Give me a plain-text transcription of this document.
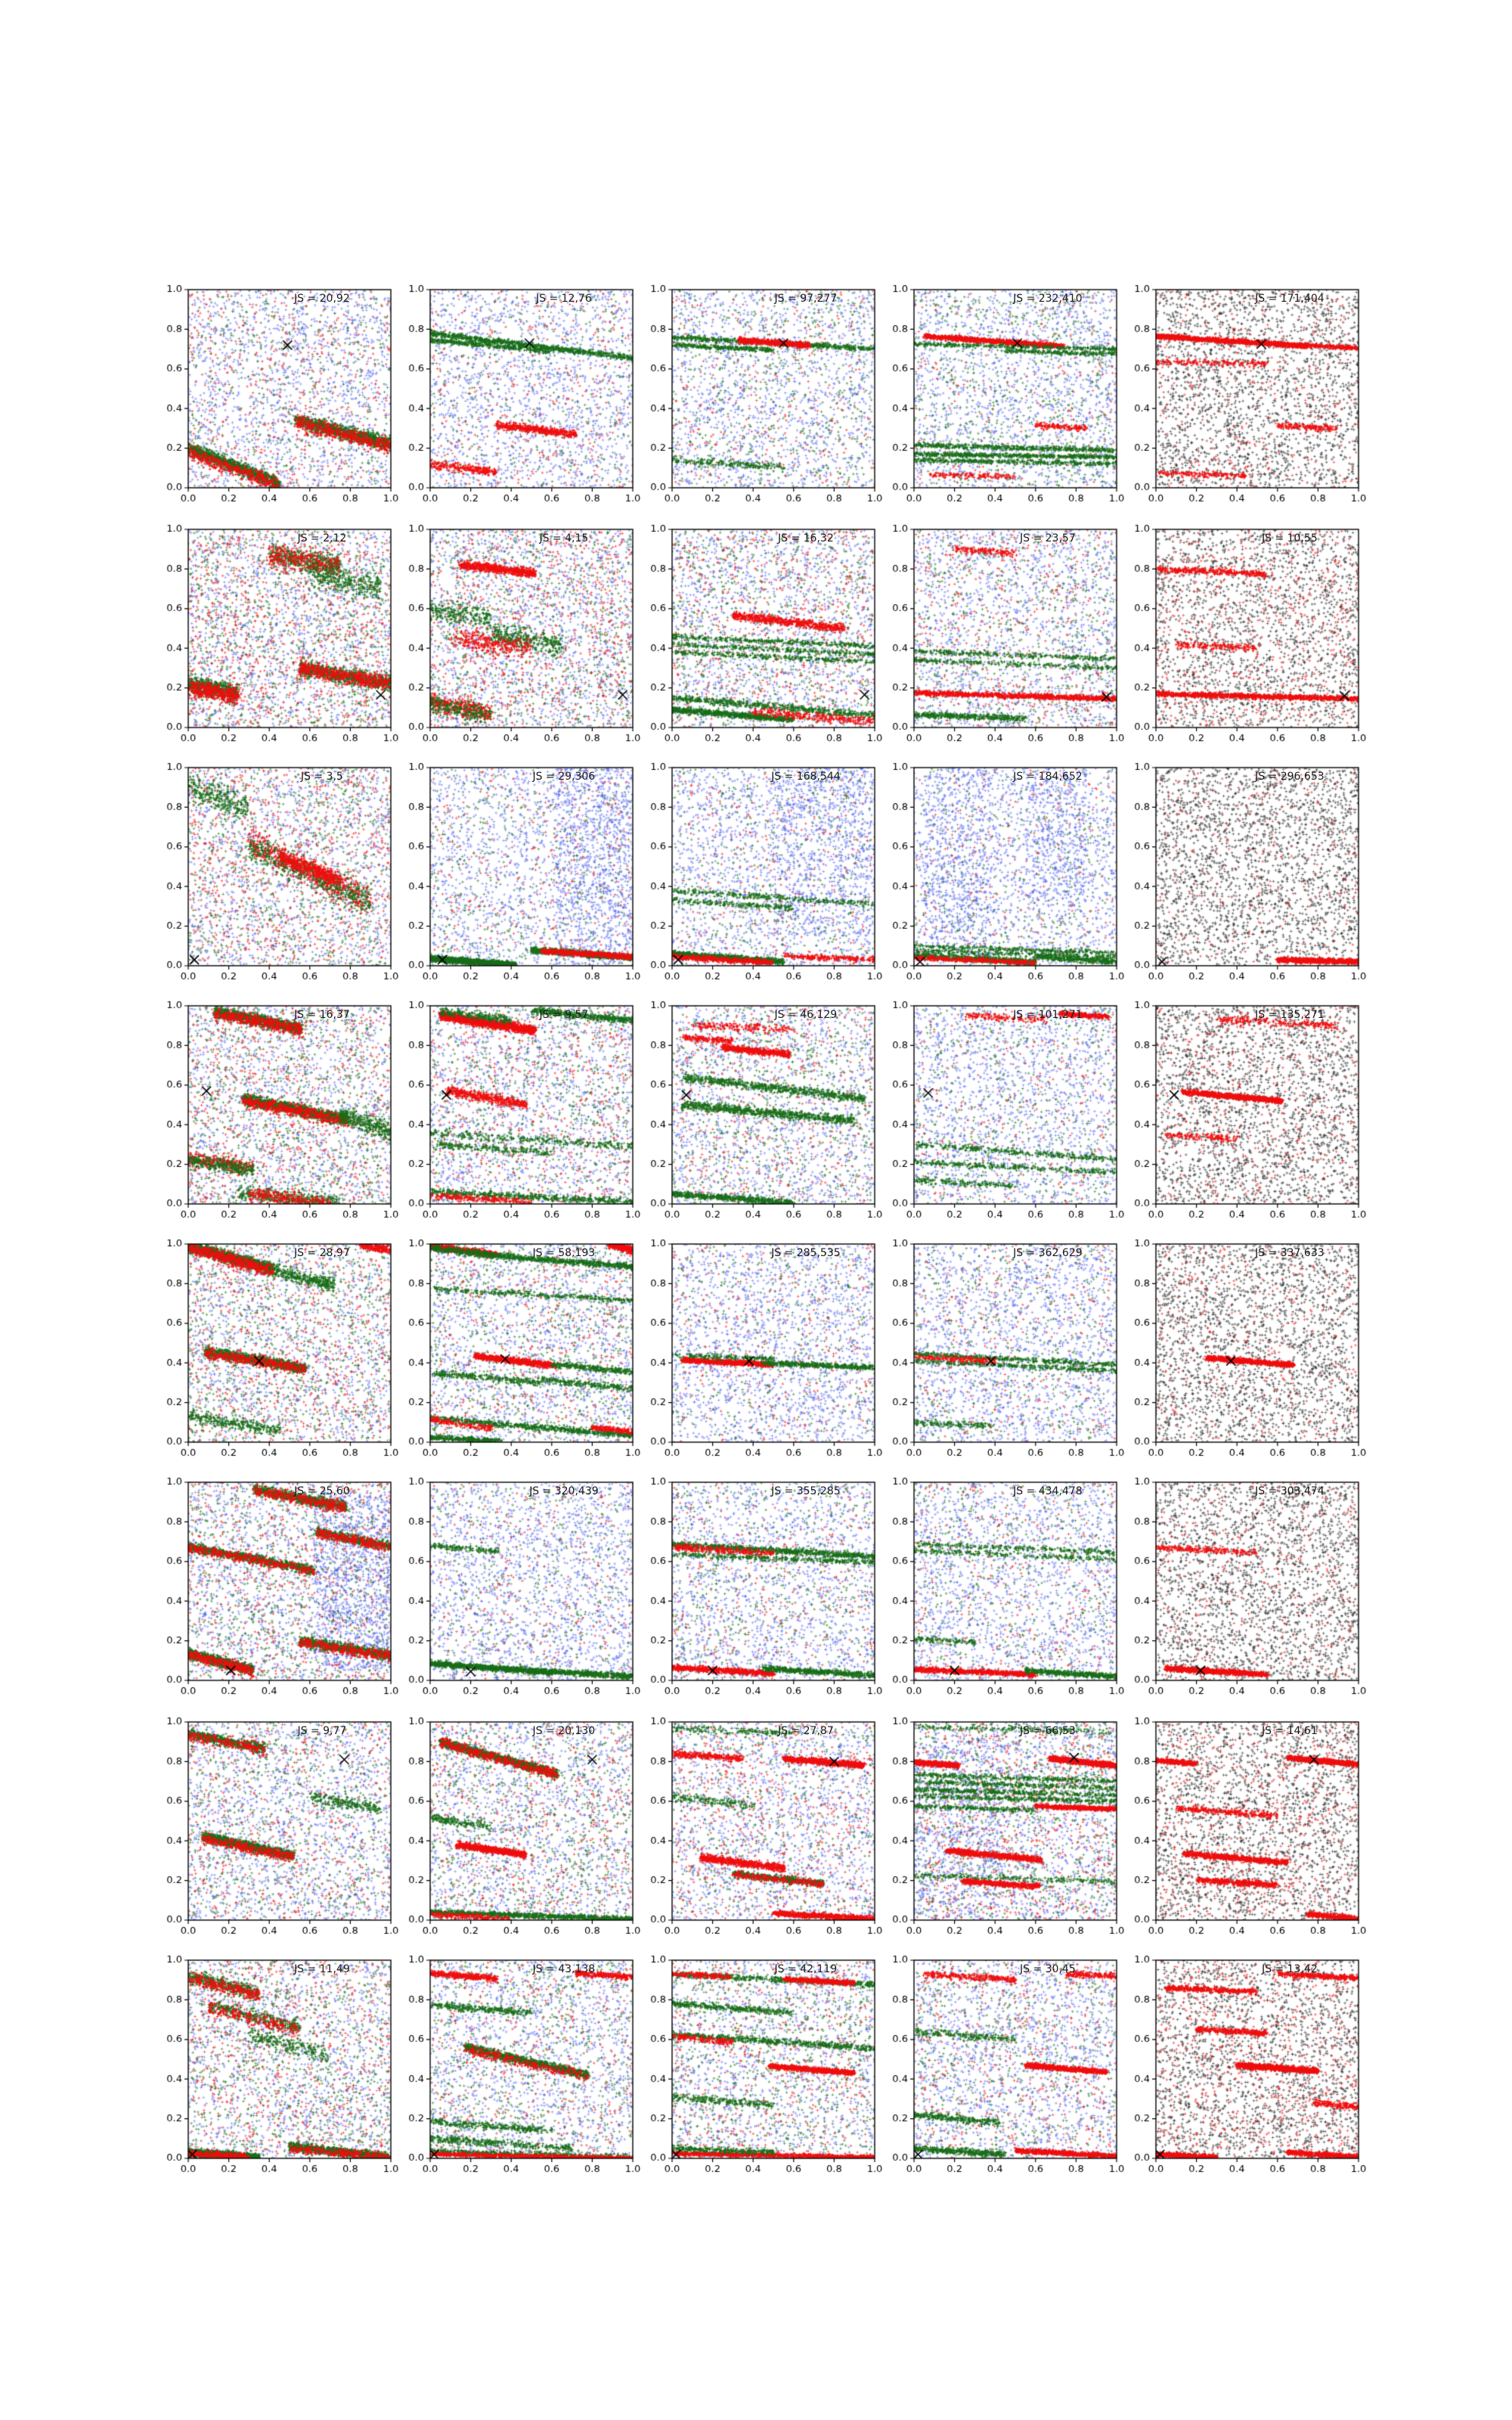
JS = 20,92	JS = 12,76	JS = 97,277	JS = 232,410	JS = 171,404
JS = 2,12	JS = 4,15	JS = 16,32	JS = 23,57	JS = 10,55
JS = 3,5	JS = 29,306	JS = 168,544	JS = 184,652	JS = 296,653
JS = 16,37	JS = 9,57	JS = 46,129	JS = 101,271	JS = 135,271
JS = 28,97	JS = 58,193	JS = 285,535	JS = 362,629	JS = 337,633
JS = 25,60	JS = 320,439	JS = 355,285	JS = 434,478	JS = 303,474
JS = 9,77	JS = 20,130	JS = 27,87	JS = 66,53	JS = 14,61
JS = 11,49	JS = 43,138	JS = 42,119	JS = 30,45	JS = 13,42
